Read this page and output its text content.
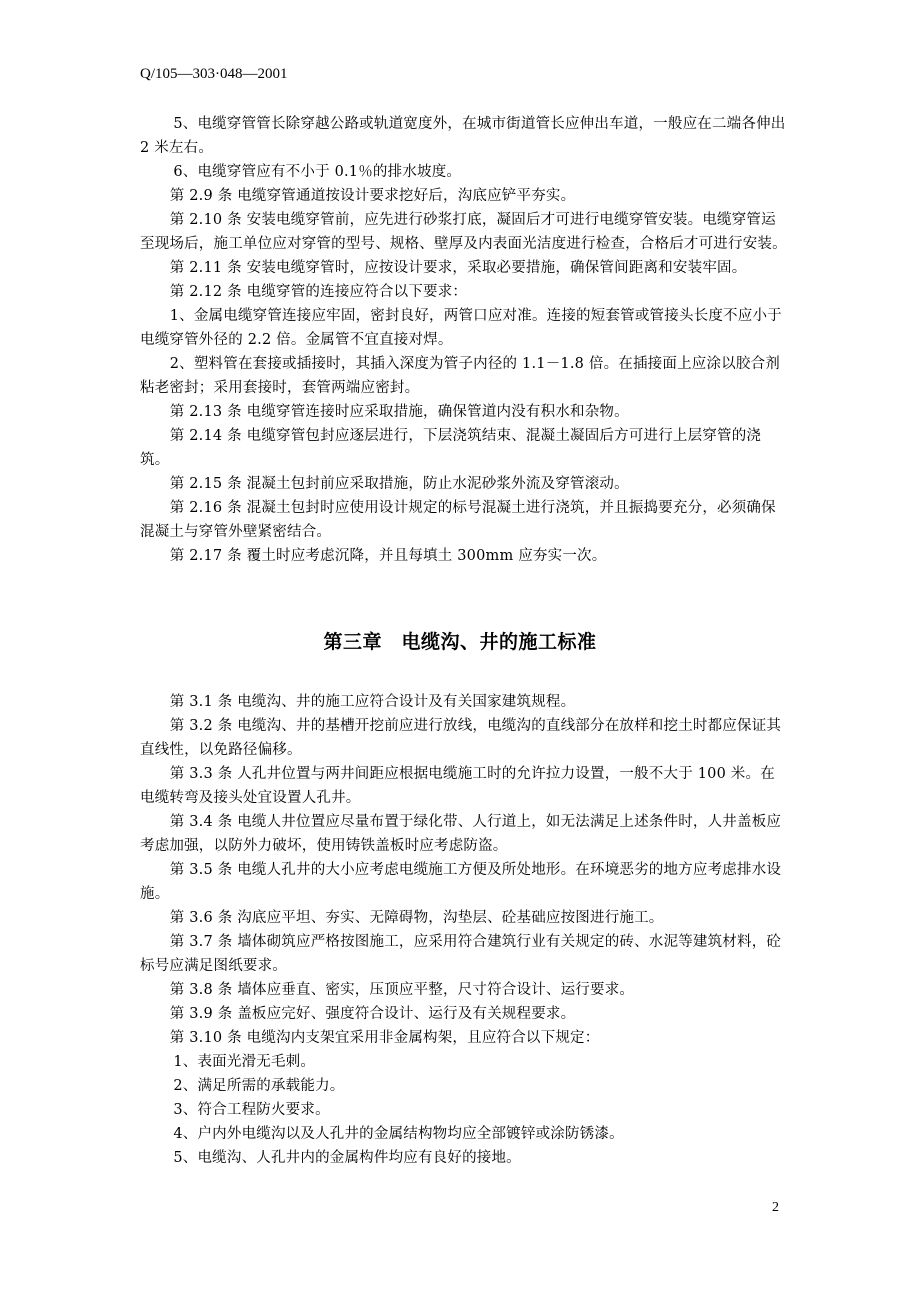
Q/105—303·048—2001

5、电缆穿管管长除穿越公路或轨道宽度外，在城市街道管长应伸出车道，一般应在二端各伸出 2 米左右。

6、电缆穿管应有不小于 0.1％的排水坡度。

第 2.9 条 电缆穿管通道按设计要求挖好后，沟底应铲平夯实。

第 2.10 条 安装电缆穿管前，应先进行砂浆打底，凝固后才可进行电缆穿管安装。电缆穿管运至现场后，施工单位应对穿管的型号、规格、壁厚及内表面光洁度进行检查，合格后才可进行安装。

第 2.11 条 安装电缆穿管时，应按设计要求，采取必要措施，确保管间距离和安装牢固。

第 2.12 条 电缆穿管的连接应符合以下要求：

1、金属电缆穿管连接应牢固，密封良好，两管口应对准。连接的短套管或管接头长度不应小于电缆穿管外径的 2.2 倍。金属管不宜直接对焊。

2、塑料管在套接或插接时，其插入深度为管子内径的 1.1－1.8 倍。在插接面上应涂以胶合剂粘老密封；采用套接时，套管两端应密封。

第 2.13 条 电缆穿管连接时应采取措施，确保管道内没有积水和杂物。

第 2.14 条 电缆穿管包封应逐层进行，下层浇筑结束、混凝土凝固后方可进行上层穿管的浇筑。

第 2.15 条 混凝土包封前应采取措施，防止水泥砂浆外流及穿管滚动。

第 2.16 条 混凝土包封时应使用设计规定的标号混凝土进行浇筑，并且振捣要充分，必须确保混凝土与穿管外壁紧密结合。

第 2.17 条 覆土时应考虑沉降，并且每填土 300mm 应夯实一次。

第三章　电缆沟、井的施工标准

第 3.1 条 电缆沟、井的施工应符合设计及有关国家建筑规程。

第 3.2 条 电缆沟、井的基槽开挖前应进行放线，电缆沟的直线部分在放样和挖土时都应保证其直线性，以免路径偏移。

第 3.3 条 人孔井位置与两井间距应根据电缆施工时的允许拉力设置，一般不大于 100 米。在电缆转弯及接头处宜设置人孔井。

第 3.4 条 电缆人井位置应尽量布置于绿化带、人行道上，如无法满足上述条件时，人井盖板应考虑加强，以防外力破坏，使用铸铁盖板时应考虑防盗。

第 3.5 条 电缆人孔井的大小应考虑电缆施工方便及所处地形。在环境恶劣的地方应考虑排水设施。

第 3.6 条 沟底应平坦、夯实、无障碍物，沟垫层、砼基础应按图进行施工。

第 3.7 条 墙体砌筑应严格按图施工，应采用符合建筑行业有关规定的砖、水泥等建筑材料，砼标号应满足图纸要求。

第 3.8 条 墙体应垂直、密实，压顶应平整，尺寸符合设计、运行要求。

第 3.9 条 盖板应完好、强度符合设计、运行及有关规程要求。

第 3.10 条 电缆沟内支架宜采用非金属构架，且应符合以下规定：

1、表面光滑无毛刺。

2、满足所需的承载能力。

3、符合工程防火要求。

4、户内外电缆沟以及人孔井的金属结构物均应全部镀锌或涂防锈漆。

5、电缆沟、人孔井内的金属构件均应有良好的接地。

2
